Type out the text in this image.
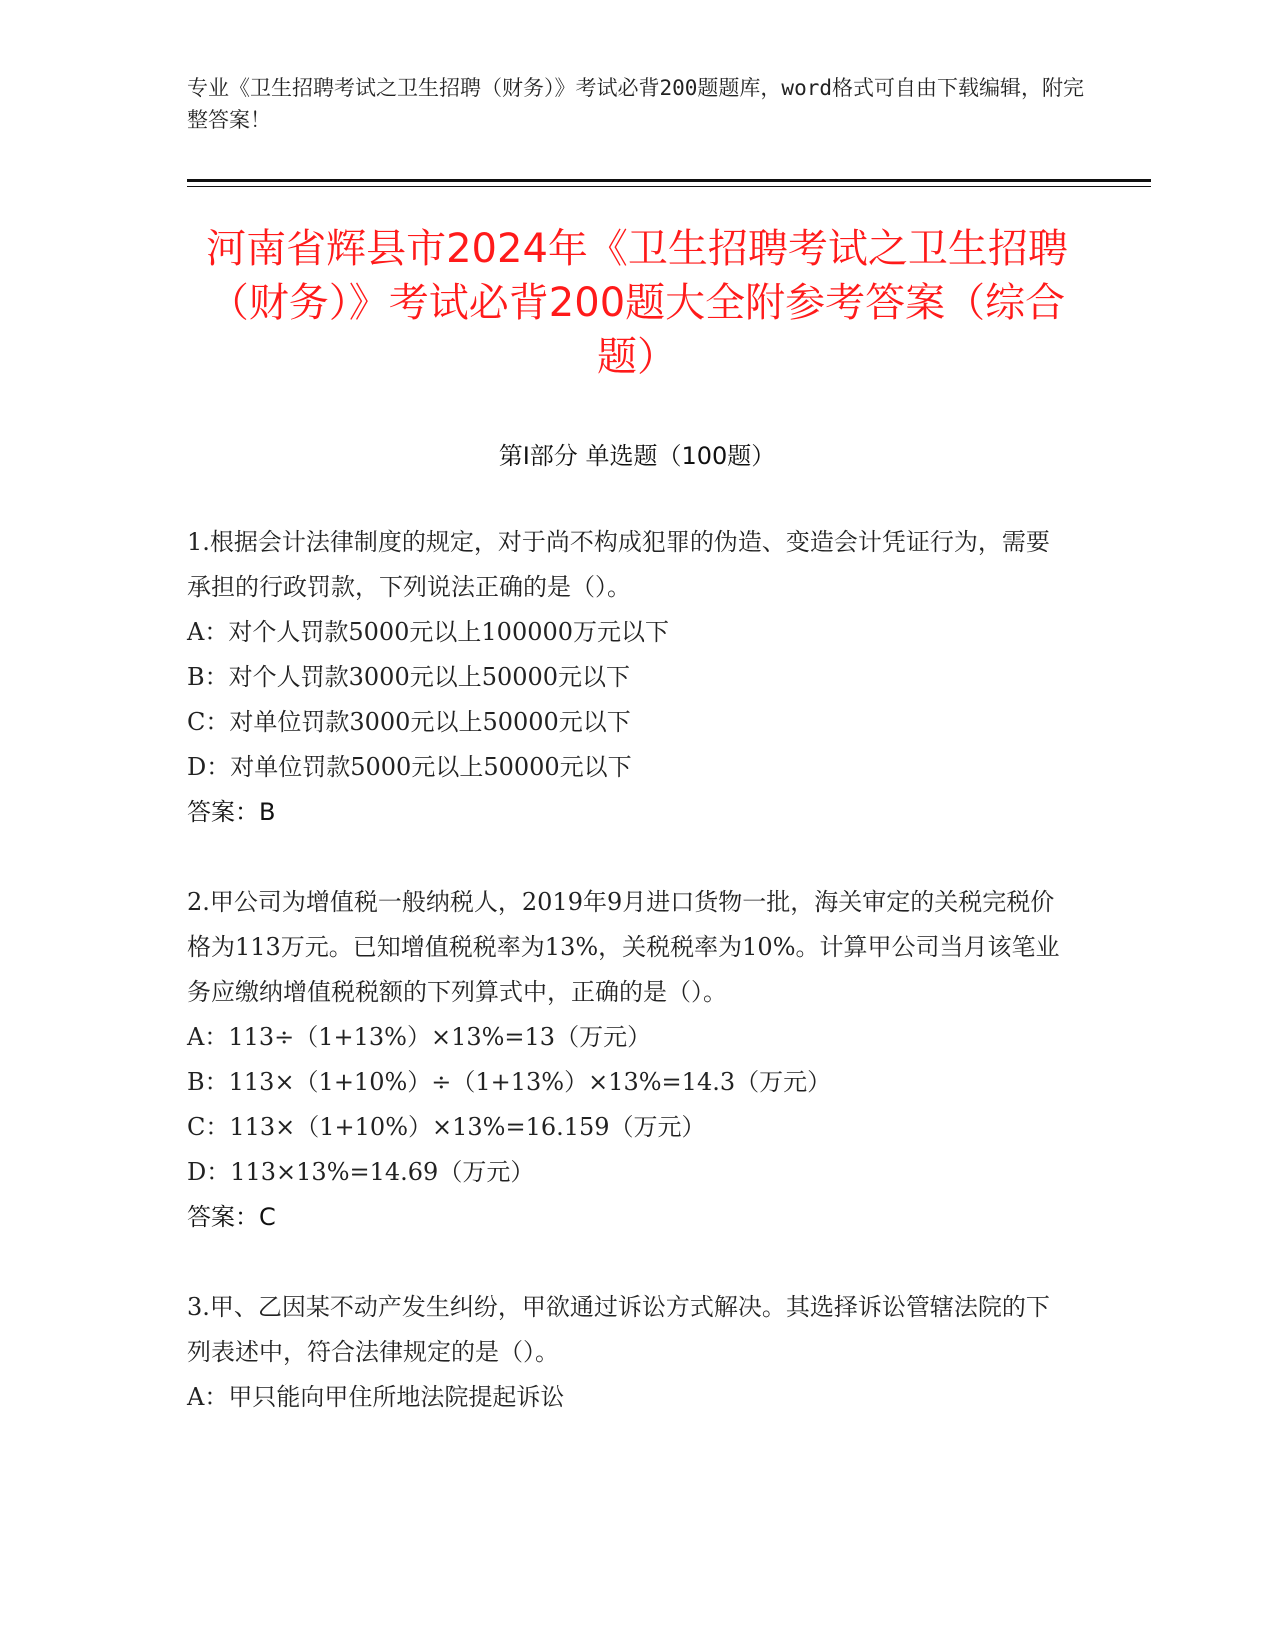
专业《卫生招聘考试之卫生招聘（财务）》考试必背200题题库，word格式可自由下载编辑，附完整答案！
河南省辉县市2024年《卫生招聘考试之卫生招聘（财务）》考试必背200题大全附参考答案（综合题）
第Ⅰ部分 单选题（100题）

1.根据会计法律制度的规定，对于尚不构成犯罪的伪造、变造会计凭证行为，需要承担的行政罚款，下列说法正确的是（）。

A：对个人罚款5000元以上100000万元以下

B：对个人罚款3000元以上50000元以下

C：对单位罚款3000元以上50000元以下

D：对单位罚款5000元以上50000元以下

答案：B

2.甲公司为增值税一般纳税人，2019年9月进口货物一批，海关审定的关税完税价格为113万元。已知增值税税率为13%，关税税率为10%。计算甲公司当月该笔业务应缴纳增值税税额的下列算式中，正确的是（）。

A：113÷（1+13%）×13%=13（万元）

B：113×（1+10%）÷（1+13%）×13%=14.3（万元）

C：113×（1+10%）×13%=16.159（万元）

D：113×13%=14.69（万元）

答案：C

3.甲、乙因某不动产发生纠纷，甲欲通过诉讼方式解决。其选择诉讼管辖法院的下列表述中，符合法律规定的是（）。

A：甲只能向甲住所地法院提起诉讼
